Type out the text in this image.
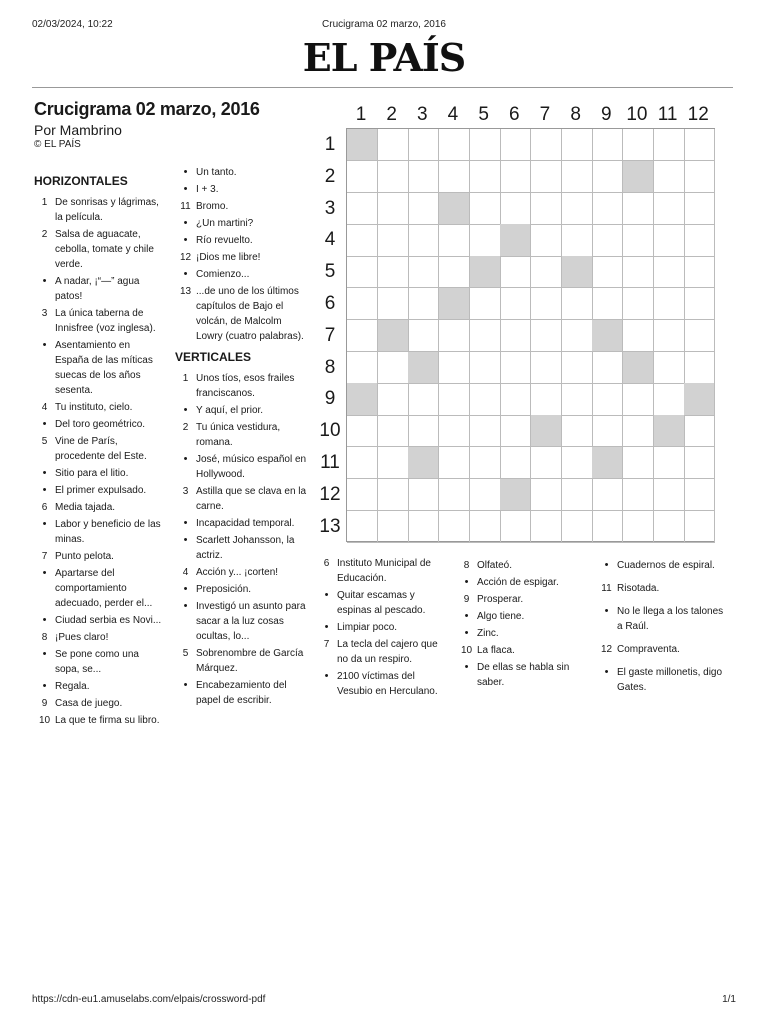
02/03/2024, 10:22	Crucigrama 02 marzo, 2016
EL PAÍS
Crucigrama 02 marzo, 2016
Por Mambrino
© EL PAÍS
HORIZONTALES
1 De sonrisas y lágrimas, la película.
2 Salsa de aguacate, cebolla, tomate y chile verde.
• A nadar, ¡“—” agua patos!
3 La única taberna de Innisfree (voz inglesa).
• Asentamiento en España de las míticas suecas de los años sesenta.
4 Tu instituto, cielo.
• Del toro geométrico.
5 Vine de París, procedente del Este.
• Sitio para el litio.
• El primer expulsado.
6 Media tajada.
• Labor y beneficio de las minas.
7 Punto pelota.
• Apartarse del comportamiento adecuado, perder el...
• Ciudad serbia es Novi...
8 ¡Pues claro!
• Se pone como una sopa, se...
• Regala.
9 Casa de juego.
10 La que te firma su libro.
• Un tanto.
• I + 3.
11 Bromo.
• ¿Un martini?
• Río revuelto.
12 ¡Dios me libre!
• Comienzo...
13 ...de uno de los últimos capítulos de Bajo el volcán, de Malcolm Lowry (cuatro palabras).
VERTICALES
1 Unos tíos, esos frailes franciscanos.
• Y aquí, el prior.
2 Tu única vestidura, romana.
• José, músico español en Hollywood.
3 Astilla que se clava en la carne.
• Incapacidad temporal.
• Scarlett Johansson, la actriz.
4 Acción y... ¡corten!
• Preposición.
• Investigó un asunto para sacar a la luz cosas ocultas, lo...
5 Sobrenombre de García Márquez.
• Encabezamiento del papel de escribir.
6 Instituto Municipal de Educación.
• Quitar escamas y espinas al pescado.
• Limpiar poco.
7 La tecla del cajero que no da un respiro.
• 2100 víctimas del Vesubio en Herculano.
8 Olfateó.
• Acción de espigar.
9 Prosperar.
• Algo tiene.
• Zinc.
10 La flaca.
• De ellas se habla sin saber.
• Cuadernos de espiral.
11 Risotada.
• No le llega a los talones a Raúl.
12 Compraventa.
• El gaste millonetis, digo Gates.
1	2	3	4	5	6	7	8	9 10 11 12
1
2
3
4
5
6
7
8
9
10
11
12
13
https://cdn-eu1.amuselabs.com/elpais/crossword-pdf	1/1
